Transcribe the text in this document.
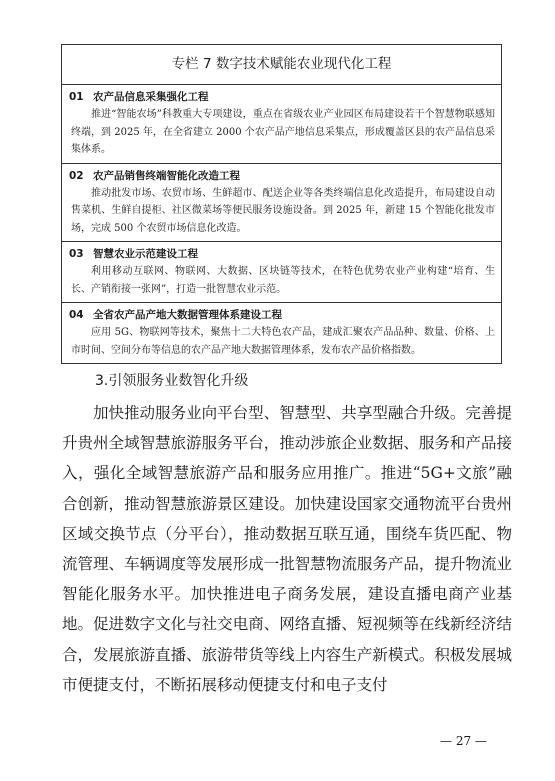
专栏 7 数字技术赋能农业现代化工程
01 农产品信息采集强化工程
推进“智能农场”科教重大专项建设，重点在省级农业产业园区布局建设若干个智慧物联感知终端，到 2025 年，在全省建立 2000 个农产品产地信息采集点，形成覆盖区县的农产品信息采集体系。
02 农产品销售终端智能化改造工程
推动批发市场、农贸市场、生鲜超市、配送企业等各类终端信息化改造提升，布局建设自动售菜机、生鲜自提柜、社区微菜场等便民服务设施设备。到 2025 年，新建 15 个智能化批发市场，完成 500 个农贸市场信息化改造。
03 智慧农业示范建设工程
利用移动互联网、物联网、大数据、区块链等技术，在特色优势农业产业构建“培育、生长、产销衔接一张网”，打造一批智慧农业示范。
04 全省农产品产地大数据管理体系建设工程
应用 5G、物联网等技术，聚焦十二大特色农产品，建成汇聚农产品品种、数量、价格、上市时间、空间分布等信息的农产品产地大数据管理体系，发布农产品价格指数。
3.引领服务业数智化升级

加快推动服务业向平台型、智慧型、共享型融合升级。完善提升贵州全域智慧旅游服务平台，推动涉旅企业数据、服务和产品接入，强化全域智慧旅游产品和服务应用推广。推进“5G+文旅”融合创新，推动智慧旅游景区建设。加快建设国家交通物流平台贵州区域交换节点（分平台），推动数据互联互通，围绕车货匹配、物流管理、车辆调度等发展形成一批智慧物流服务产品，提升物流业智能化服务水平。加快推进电子商务发展，建设直播电商产业基地。促进数字文化与社交电商、网络直播、短视频等在线新经济结合，发展旅游直播、旅游带货等线上内容生产新模式。积极发展城市便捷支付，不断拓展移动便捷支付和电子支付

— 27 —
